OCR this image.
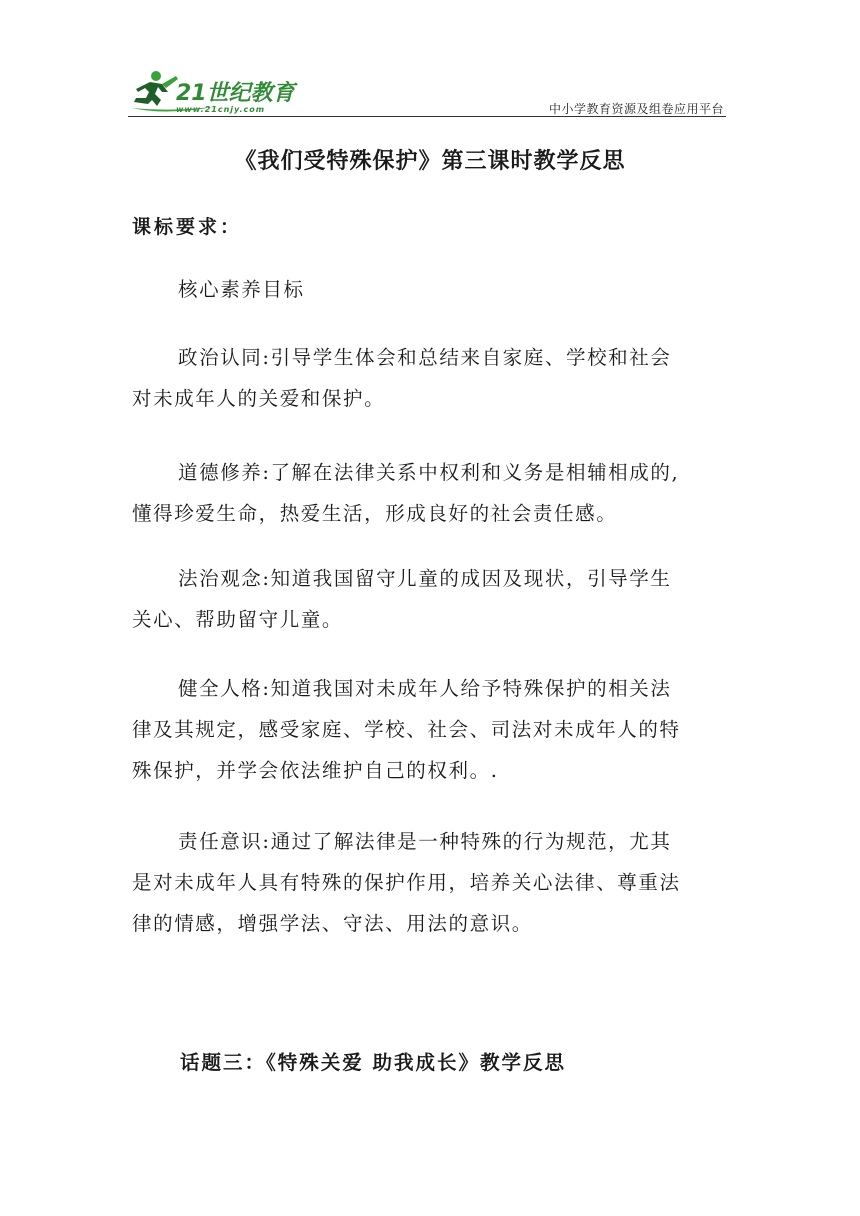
21世纪教育
www.21cnjy.com	中小学教育资源及组卷应用平台
《我们受特殊保护》第三课时教学反思
课标要求：
核心素养目标
政治认同:引导学生体会和总结来自家庭、学校和社会
对未成年人的关爱和保护。
道德修养:了解在法律关系中权利和义务是相辅相成的,
懂得珍爱生命，热爱生活，形成良好的社会责任感。
法治观念:知道我国留守儿童的成因及现状，引导学生
关心、帮助留守儿童。
健全人格:知道我国对未成年人给予特殊保护的相关法
律及其规定，感受家庭、学校、社会、司法对未成年人的特
殊保护，并学会依法维护自己的权利。.
责任意识:通过了解法律是一种特殊的行为规范，尤其
是对未成年人具有特殊的保护作用，培养关心法律、尊重法
律的情感，增强学法、守法、用法的意识。
话题三：《特殊关爱 助我成长》教学反思
